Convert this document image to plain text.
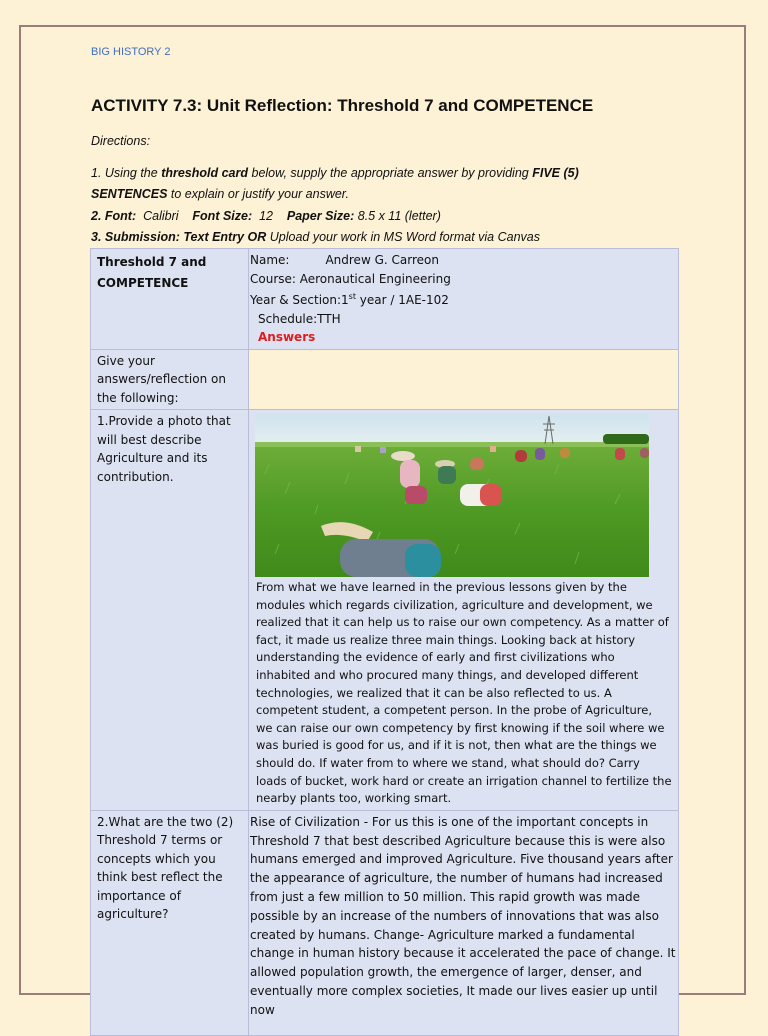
BIG HISTORY 2
ACTIVITY 7.3: Unit Reflection: Threshold 7 and COMPETENCE
Directions:
1. Using the threshold card below, supply the appropriate answer by providing FIVE (5)
SENTENCES to explain or justify your answer.
2. Font:  Calibri    Font Size:  12    Paper Size: 8.5 x 11 (letter)
3. Submission: Text Entry OR Upload your work in MS Word format via Canvas
Threshold 7 and COMPETENCE	Name: Andrew G. Carreon
Course: Aeronautical Engineering
Year & Section:1st year / 1AE-102
Schedule:TTH
Answers

Give your answers/reflection on the following:	

1.Provide a photo that will best describe Agriculture and its contribution.	From what we have learned in the previous lessons given by the modules which regards civilization, agriculture and development, we realized that it can help us to raise our own competency. As a matter of fact, it made us realize three main things. Looking back at history understanding the evidence of early and first civilizations who inhabited and who procured many things, and developed different technologies, we realized that it can be also reflected to us. A competent student, a competent person. In the probe of Agriculture, we can raise our own competency by first knowing if the soil where we was buried is good for us, and if it is not, then what are the things we should do. If water from to where we stand, what should do? Carry loads of bucket, work hard or create an irrigation channel to fertilize the nearby plants too, working smart.

2.What are the two (2) Threshold 7 terms or concepts which you think best reflect the importance of agriculture?	Rise of Civilization - For us this is one of the important concepts in Threshold 7 that best described Agriculture because this is were also humans emerged and improved Agriculture. Five thousand years after the appearance of agriculture, the number of humans had increased from just a few million to 50 million. This rapid growth was made possible by an increase of the numbers of innovations that was also created by humans. Change- Agriculture marked a fundamental change in human history because it accelerated the pace of change. It allowed population growth, the emergence of larger, denser, and eventually more complex societies, It made our lives easier up until now
